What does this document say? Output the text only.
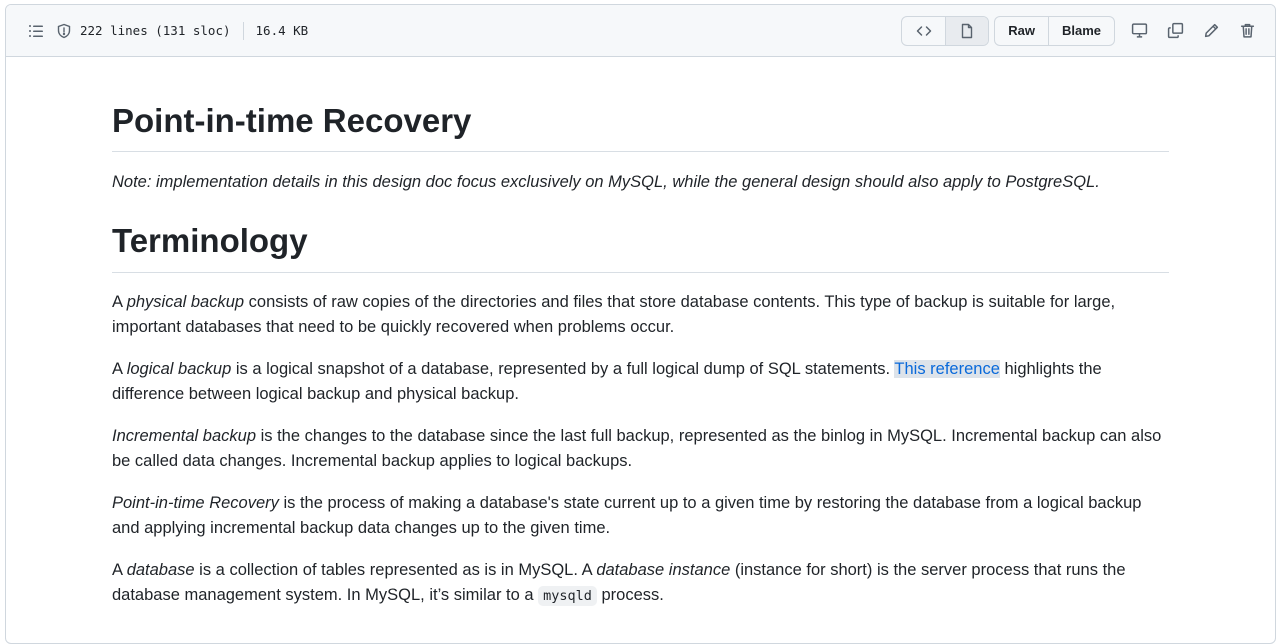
222 lines (131 sloc) 16.4 KB	Raw	Blame
Point-in-time Recovery

Note: implementation details in this design doc focus exclusively on MySQL, while the general design should also apply to PostgreSQL.

Terminology

A physical backup consists of raw copies of the directories and files that store database contents. This type of backup is suitable for large, important databases that need to be quickly recovered when problems occur.

A logical backup is a logical snapshot of a database, represented by a full logical dump of SQL statements. This reference highlights the difference between logical backup and physical backup.

Incremental backup is the changes to the database since the last full backup, represented as the binlog in MySQL. Incremental backup can also be called data changes. Incremental backup applies to logical backups.

Point-in-time Recovery is the process of making a database's state current up to a given time by restoring the database from a logical backup and applying incremental backup data changes up to the given time.

A database is a collection of tables represented as is in MySQL. A database instance (instance for short) is the server process that runs the database management system. In MySQL, it’s similar to a mysqld process.
